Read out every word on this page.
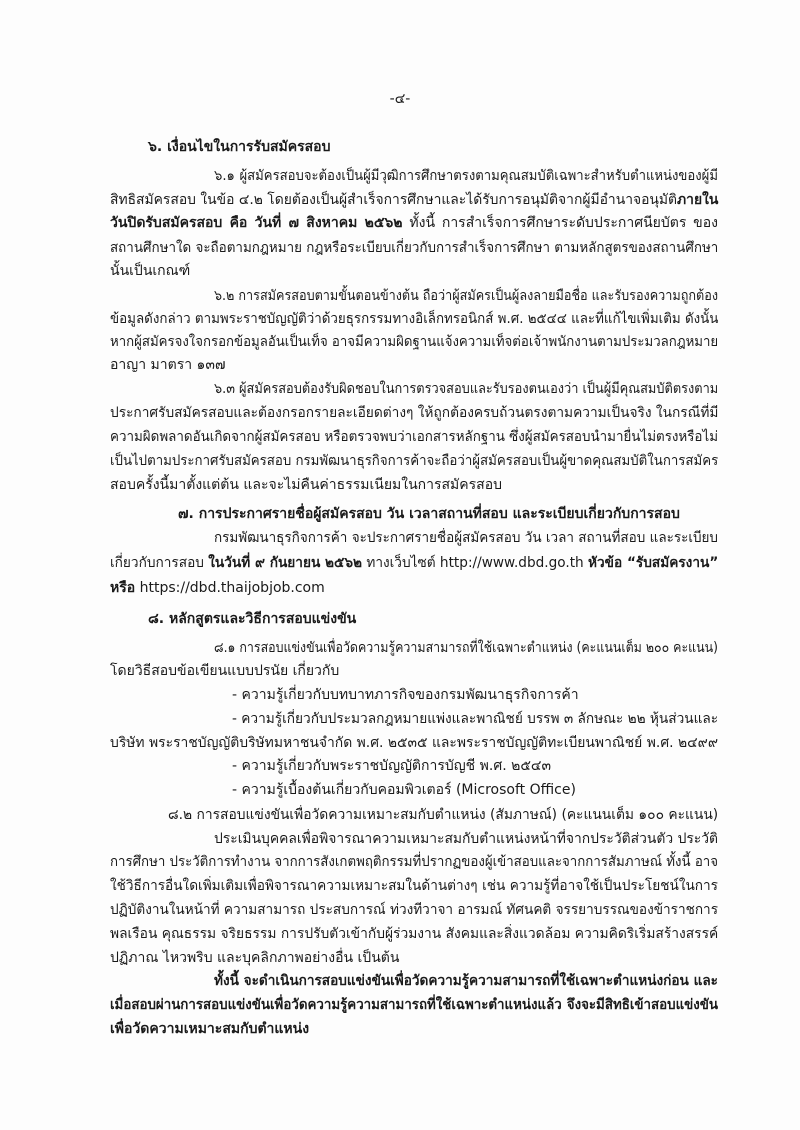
-๔-
๖. เงื่อนไขในการรับสมัครสอบ
๖.๑ ผู้สมัครสอบจะต้องเป็นผู้มีวุฒิการศึกษาตรงตามคุณสมบัติเฉพาะสำหรับตำแหน่งของผู้มี
สิทธิสมัครสอบ ในข้อ ๔.๒ โดยต้องเป็นผู้สำเร็จการศึกษาและได้รับการอนุมัติจากผู้มีอำนาจอนุมัติภายใน
วันปิดรับสมัครสอบ คือ วันที่ ๗ สิงหาคม ๒๕๖๒ ทั้งนี้ การสำเร็จการศึกษาระดับประกาศนียบัตร ของ
สถานศึกษาใด จะถือตามกฎหมาย กฎหรือระเบียบเกี่ยวกับการสำเร็จการศึกษา ตามหลักสูตรของสถานศึกษา
นั้นเป็นเกณฑ์
๖.๒ การสมัครสอบตามขั้นตอนข้างต้น ถือว่าผู้สมัครเป็นผู้ลงลายมือชื่อ และรับรองความถูกต้อง
ข้อมูลดังกล่าว ตามพระราชบัญญัติว่าด้วยธุรกรรมทางอิเล็กทรอนิกส์ พ.ศ. ๒๕๔๔ และที่แก้ไขเพิ่มเติม ดังนั้น
หากผู้สมัครจงใจกรอกข้อมูลอันเป็นเท็จ อาจมีความผิดฐานแจ้งความเท็จต่อเจ้าพนักงานตามประมวลกฎหมาย
อาญา มาตรา ๑๓๗
๖.๓ ผู้สมัครสอบต้องรับผิดชอบในการตรวจสอบและรับรองตนเองว่า เป็นผู้มีคุณสมบัติตรงตาม
ประกาศรับสมัครสอบและต้องกรอกรายละเอียดต่างๆ ให้ถูกต้องครบถ้วนตรงตามความเป็นจริง ในกรณีที่มี
ความผิดพลาดอันเกิดจากผู้สมัครสอบ หรือตรวจพบว่าเอกสารหลักฐาน ซึ่งผู้สมัครสอบนำมายื่นไม่ตรงหรือไม่
เป็นไปตามประกาศรับสมัครสอบ กรมพัฒนาธุรกิจการค้าจะถือว่าผู้สมัครสอบเป็นผู้ขาดคุณสมบัติในการสมัคร
สอบครั้งนี้มาตั้งแต่ต้น และจะไม่คืนค่าธรรมเนียมในการสมัครสอบ
๗. การประกาศรายชื่อผู้สมัครสอบ วัน เวลาสถานที่สอบ และระเบียบเกี่ยวกับการสอบ
กรมพัฒนาธุรกิจการค้า จะประกาศรายชื่อผู้สมัครสอบ วัน เวลา สถานที่สอบ และระเบียบ
เกี่ยวกับการสอบ ในวันที่ ๙ กันยายน ๒๕๖๒ ทางเว็บไซต์ http://www.dbd.go.th หัวข้อ “รับสมัครงาน”
หรือ https://dbd.thaijobjob.com
๘. หลักสูตรและวิธีการสอบแข่งขัน
๘.๑ การสอบแข่งขันเพื่อวัดความรู้ความสามารถที่ใช้เฉพาะตำแหน่ง (คะแนนเต็ม ๒๐๐ คะแนน)
โดยวิธีสอบข้อเขียนแบบปรนัย เกี่ยวกับ
- ความรู้เกี่ยวกับบทบาทภารกิจของกรมพัฒนาธุรกิจการค้า
- ความรู้เกี่ยวกับประมวลกฎหมายแพ่งและพาณิชย์ บรรพ ๓ ลักษณะ ๒๒ หุ้นส่วนและ
บริษัท พระราชบัญญัติบริษัทมหาชนจำกัด พ.ศ. ๒๕๓๕ และพระราชบัญญัติทะเบียนพาณิชย์ พ.ศ. ๒๔๙๙
- ความรู้เกี่ยวกับพระราชบัญญัติการบัญชี พ.ศ. ๒๕๔๓
- ความรู้เบื้องต้นเกี่ยวกับคอมพิวเตอร์ (Microsoft Office)
๘.๒ การสอบแข่งขันเพื่อวัดความเหมาะสมกับตำแหน่ง (สัมภาษณ์) (คะแนนเต็ม ๑๐๐ คะแนน)
ประเมินบุคคลเพื่อพิจารณาความเหมาะสมกับตำแหน่งหน้าที่จากประวัติส่วนตัว ประวัติ
การศึกษา ประวัติการทำงาน จากการสังเกตพฤติกรรมที่ปรากฏของผู้เข้าสอบและจากการสัมภาษณ์ ทั้งนี้ อาจ
ใช้วิธีการอื่นใดเพิ่มเติมเพื่อพิจารณาความเหมาะสมในด้านต่างๆ เช่น ความรู้ที่อาจใช้เป็นประโยชน์ในการ
ปฏิบัติงานในหน้าที่ ความสามารถ ประสบการณ์ ท่วงทีวาจา อารมณ์ ทัศนคติ จรรยาบรรณของข้าราชการ
พลเรือน คุณธรรม จริยธรรม การปรับตัวเข้ากับผู้ร่วมงาน สังคมและสิ่งแวดล้อม ความคิดริเริ่มสร้างสรรค์
ปฏิภาณ ไหวพริบ และบุคลิกภาพอย่างอื่น เป็นต้น
ทั้งนี้ จะดำเนินการสอบแข่งขันเพื่อวัดความรู้ความสามารถที่ใช้เฉพาะตำแหน่งก่อน และ
เมื่อสอบผ่านการสอบแข่งขันเพื่อวัดความรู้ความสามารถที่ใช้เฉพาะตำแหน่งแล้ว จึงจะมีสิทธิเข้าสอบแข่งขัน
เพื่อวัดความเหมาะสมกับตำแหน่ง
